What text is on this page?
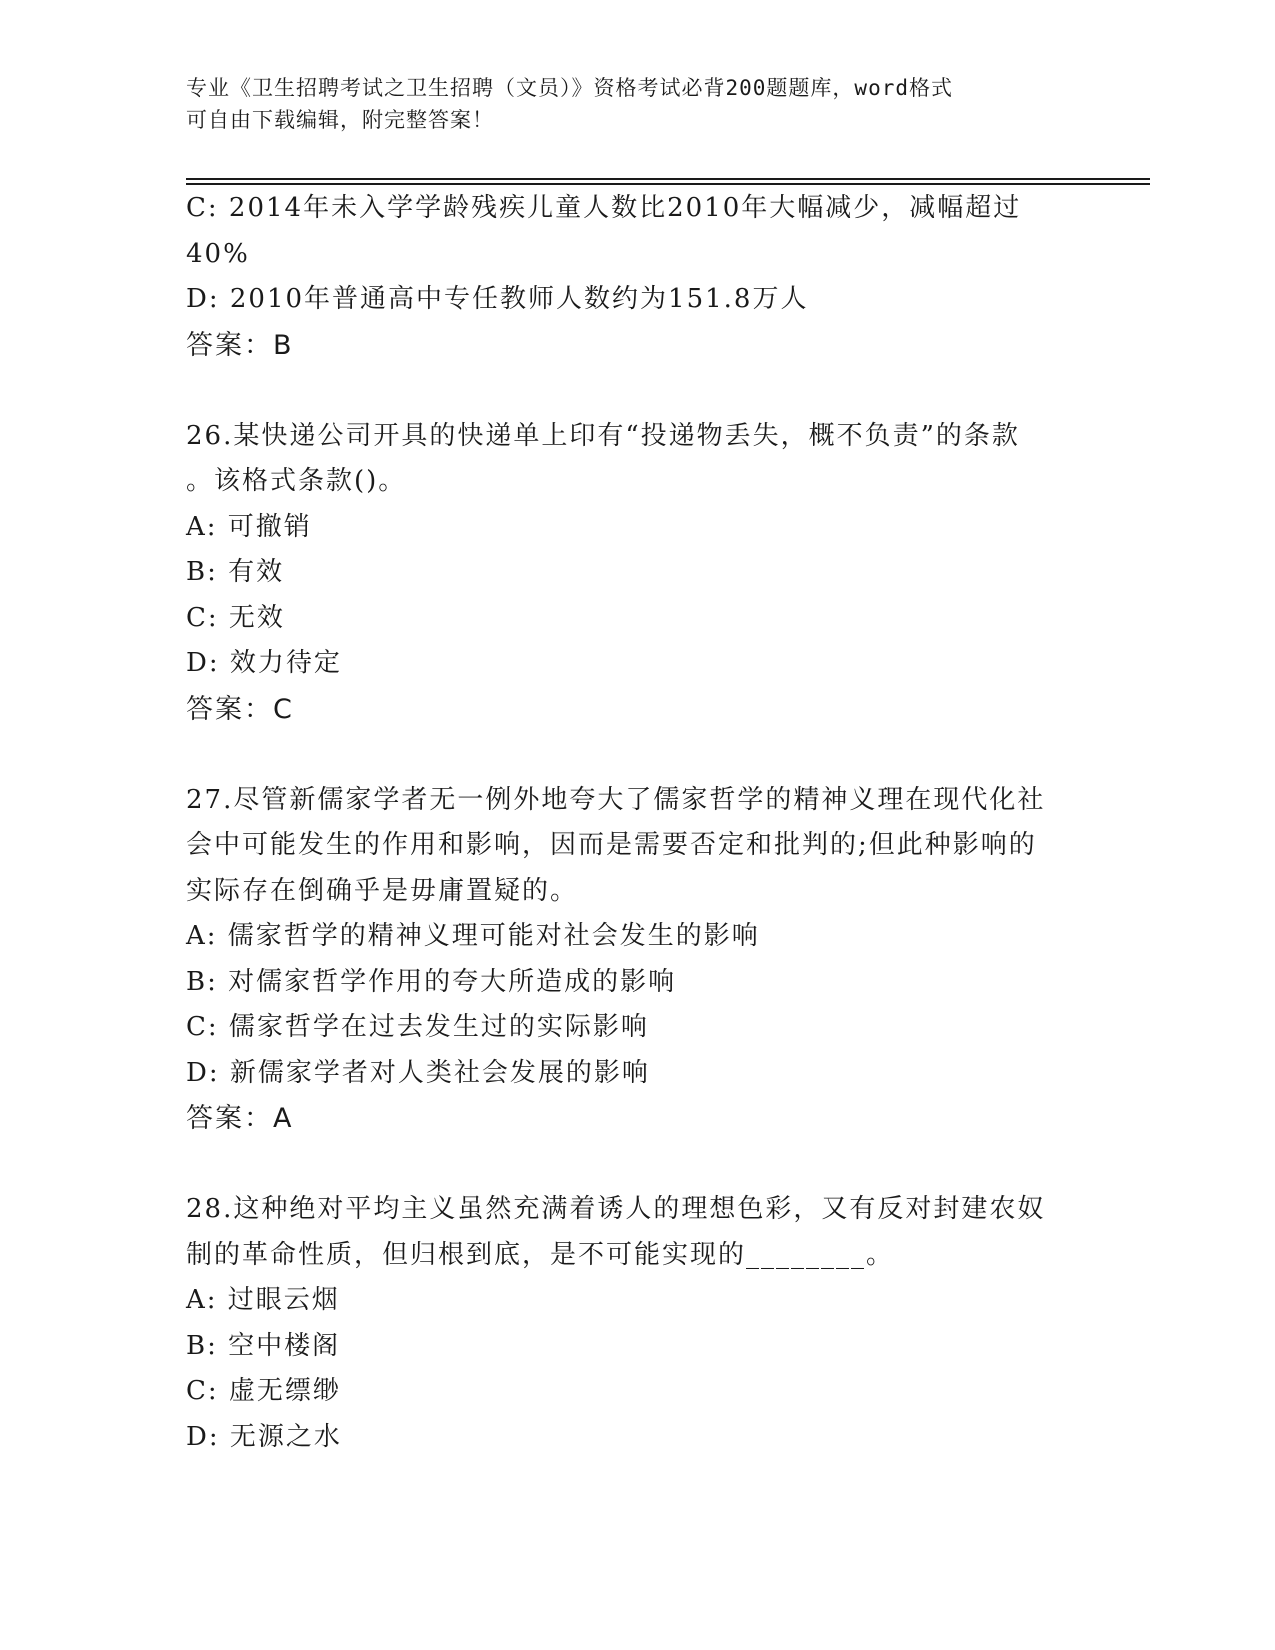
专业《卫生招聘考试之卫生招聘（文员）》资格考试必背200题题库，word格式
可自由下载编辑，附完整答案！

C: 2014年未入学学龄残疾儿童人数比2010年大幅减少，减幅超过

40%

D: 2010年普通高中专任教师人数约为151.8万人

答案：B

26.某快递公司开具的快递单上印有“投递物丢失，概不负责”的条款

。该格式条款()。

A: 可撤销

B: 有效

C: 无效

D: 效力待定

答案：C

27.尽管新儒家学者无一例外地夸大了儒家哲学的精神义理在现代化社

会中可能发生的作用和影响，因而是需要否定和批判的;但此种影响的

实际存在倒确乎是毋庸置疑的。

A: 儒家哲学的精神义理可能对社会发生的影响

B: 对儒家哲学作用的夸大所造成的影响

C: 儒家哲学在过去发生过的实际影响

D: 新儒家学者对人类社会发展的影响

答案：A

28.这种绝对平均主义虽然充满着诱人的理想色彩，又有反对封建农奴

制的革命性质，但归根到底，是不可能实现的________。

A: 过眼云烟

B: 空中楼阁

C: 虚无缥缈

D: 无源之水
